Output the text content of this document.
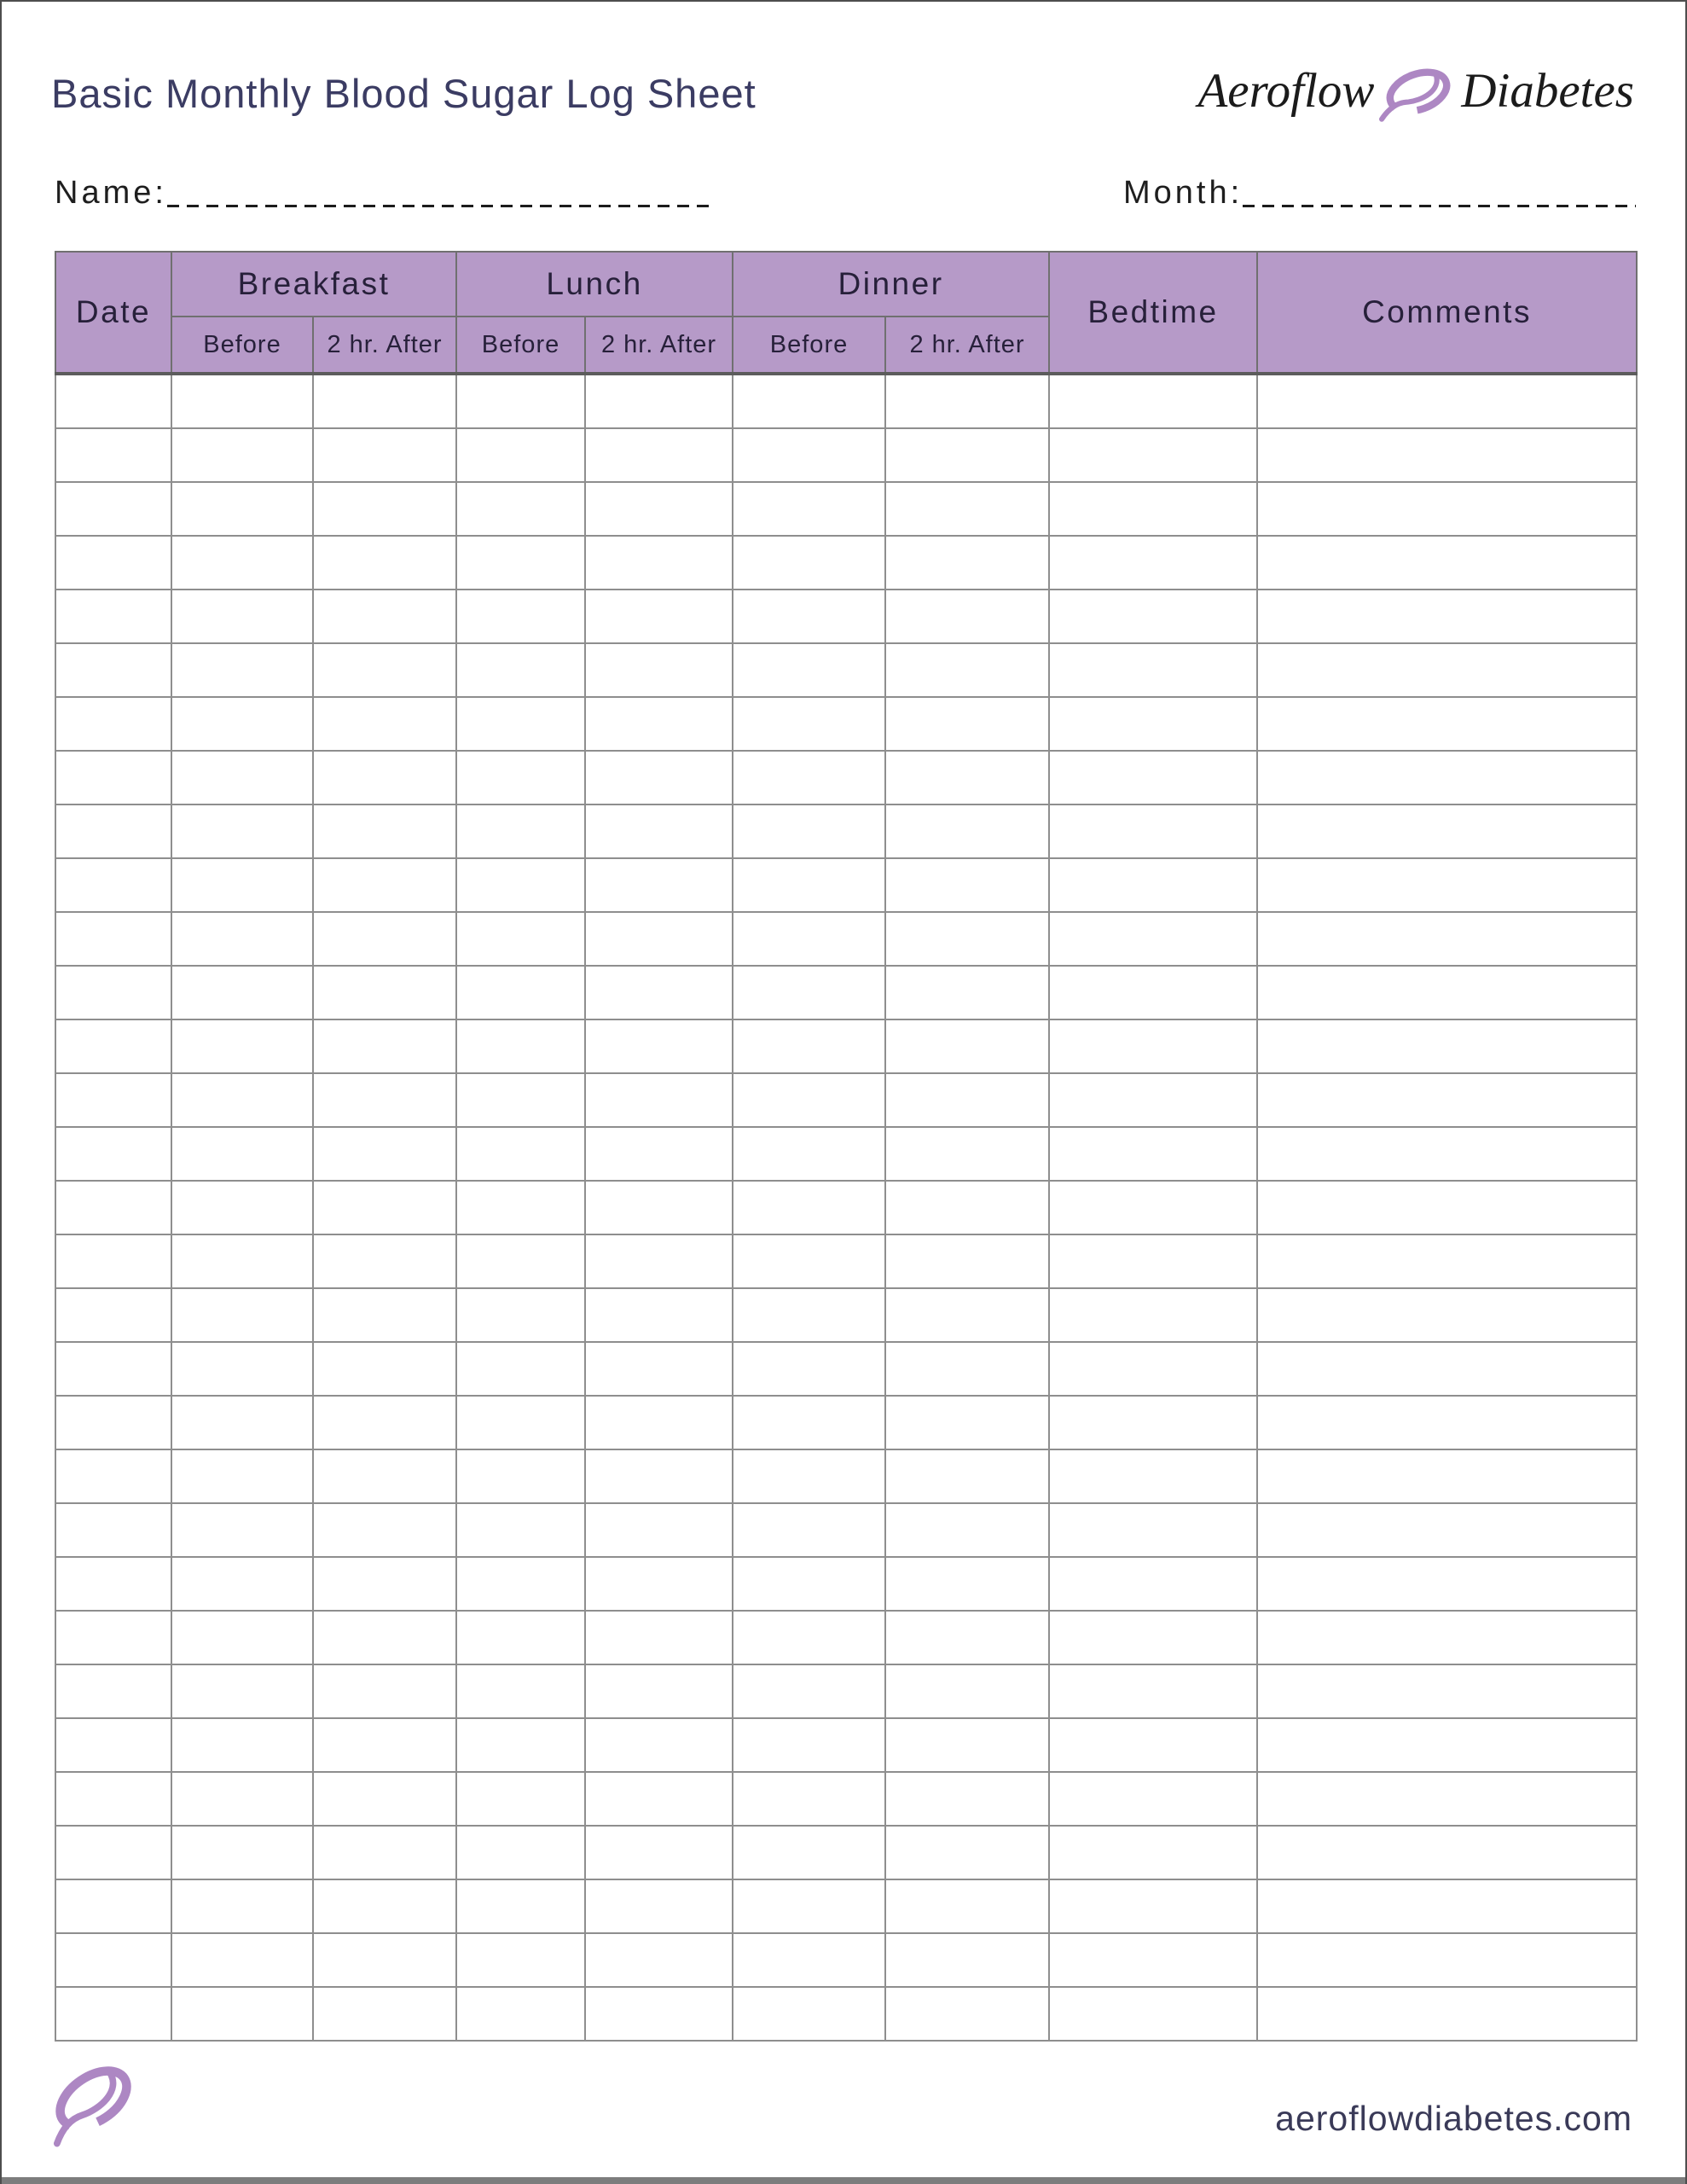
Basic Monthly Blood Sugar Log Sheet	Aeroflow Diabetes
Name:	Month:
Date	Breakfast		Lunch		Dinner		Bedtime	Comments
	Before	2 hr. After	Before	2 hr. After	Before	2 hr. After		

aeroflowdiabetes.com
